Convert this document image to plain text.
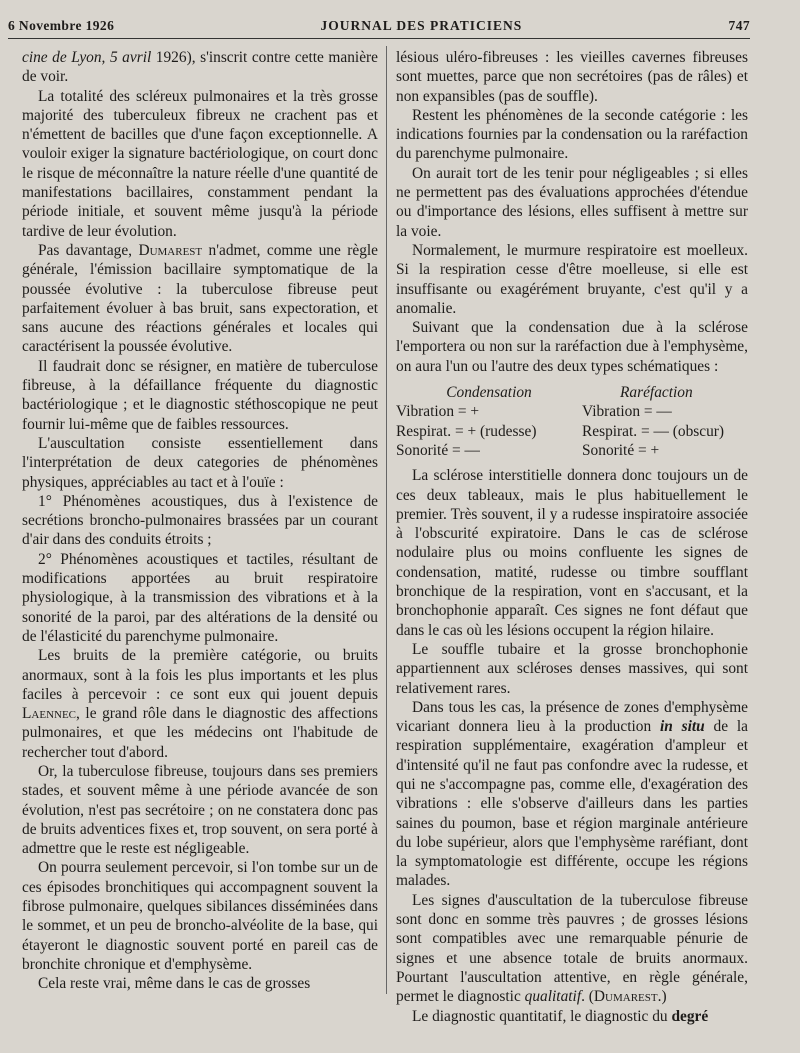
6 Novembre 1926	JOURNAL DES PRATICIENS	747

cine de Lyon, 5 avril 1926), s'inscrit contre cette manière de voir.

La totalité des scléreux pulmonaires et la très grosse majorité des tuberculeux fibreux ne crachent pas et n'émettent de bacilles que d'une façon exceptionnelle. A vouloir exiger la signature bactériologique, on court donc le risque de méconnaître la nature réelle d'une quantité de manifestations bacillaires, constamment pendant la période initiale, et souvent même jusqu'à la période tardive de leur évolution.

Pas davantage, Dumarest n'admet, comme une règle générale, l'émission bacillaire symptomatique de la poussée évolutive : la tuberculose fibreuse peut parfaitement évoluer à bas bruit, sans expectoration, et sans aucune des réactions générales et locales qui caractérisent la poussée évolutive.

Il faudrait donc se résigner, en matière de tuberculose fibreuse, à la défaillance fréquente du diagnostic bactériologique ; et le diagnostic stéthoscopique ne peut fournir lui-même que de faibles ressources.

L'auscultation consiste essentiellement dans l'interprétation de deux categories de phénomènes physiques, appréciables au tact et à l'ouïe :

1° Phénomènes acoustiques, dus à l'existence de secrétions broncho-pulmonaires brassées par un courant d'air dans des conduits étroits ;

2° Phénomènes acoustiques et tactiles, résultant de modifications apportées au bruit respiratoire physiologique, à la transmission des vibrations et à la sonorité de la paroi, par des altérations de la densité ou de l'élasticité du parenchyme pulmonaire.

Les bruits de la première catégorie, ou bruits anormaux, sont à la fois les plus importants et les plus faciles à percevoir : ce sont eux qui jouent depuis Laennec, le grand rôle dans le diagnostic des affections pulmonaires, et que les médecins ont l'habitude de rechercher tout d'abord.

Or, la tuberculose fibreuse, toujours dans ses premiers stades, et souvent même à une période avancée de son évolution, n'est pas secrétoire ; on ne constatera donc pas de bruits adventices fixes et, trop souvent, on sera porté à admettre que le reste est négligeable.

On pourra seulement percevoir, si l'on tombe sur un de ces épisodes bronchitiques qui accompagnent souvent la fibrose pulmonaire, quelques sibilances disséminées dans le sommet, et un peu de broncho-alvéolite de la base, qui étayeront le diagnostic souvent porté en pareil cas de bronchite chronique et d'emphysème.

Cela reste vrai, même dans le cas de grosses

lésious uléro-fibreuses : les vieilles cavernes fibreuses sont muettes, parce que non secrétoires (pas de râles) et non expansibles (pas de souffle).

Restent les phénomènes de la seconde catégorie : les indications fournies par la condensation ou la raréfaction du parenchyme pulmonaire.

On aurait tort de les tenir pour négligeables ; si elles ne permettent pas des évaluations approchées d'étendue ou d'importance des lésions, elles suffisent à mettre sur la voie.

Normalement, le murmure respiratoire est moelleux. Si la respiration cesse d'être moelleuse, si elle est insuffisante ou exagérément bruyante, c'est qu'il y a anomalie.

Suivant que la condensation due à la sclérose l'emportera ou non sur la raréfaction due à l'emphysème, on aura l'un ou l'autre des deux types schématiques :

Condensation	Raréfaction
Vibration = +	Vibration = —
Respirat. = + (rudesse)	Respirat. = — (obscur)
Sonorité = —	Sonorité = +

La sclérose interstitielle donnera donc toujours un de ces deux tableaux, mais le plus habituellement le premier. Très souvent, il y a rudesse inspiratoire associée à l'obscurité expiratoire. Dans le cas de sclérose nodulaire plus ou moins confluente les signes de condensation, matité, rudesse ou timbre soufflant bronchique de la respiration, vont en s'accusant, et la bronchophonie apparaît. Ces signes ne font défaut que dans le cas où les lésions occupent la région hilaire.

Le souffle tubaire et la grosse bronchophonie appartiennent aux scléroses denses massives, qui sont relativement rares.

Dans tous les cas, la présence de zones d'emphysème vicariant donnera lieu à la production in situ de la respiration supplémentaire, exagération d'ampleur et d'intensité qu'il ne faut pas confondre avec la rudesse, et qui ne s'accompagne pas, comme elle, d'exagération des vibrations : elle s'observe d'ailleurs dans les parties saines du poumon, base et région marginale antérieure du lobe supérieur, alors que l'emphysème raréfiant, dont la symptomatologie est différente, occupe les régions malades.

Les signes d'auscultation de la tuberculose fibreuse sont donc en somme très pauvres ; de grosses lésions sont compatibles avec une remarquable pénurie de signes et une absence totale de bruits anormaux. Pourtant l'auscultation attentive, en règle générale, permet le diagnostic qualitatif. (Dumarest.)

Le diagnostic quantitatif, le diagnostic du degré
